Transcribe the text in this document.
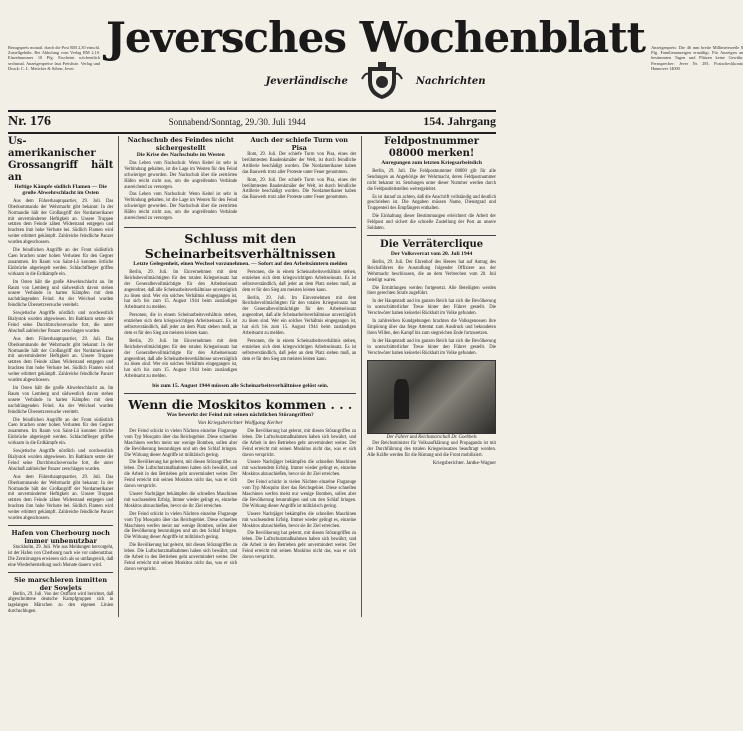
Bezugspreis monatl. durch die Post RM 2,30 einschl. Zustellgebühr. Bei Abholung vom Verlag RM 2,10. Einzelnummer 10 Pfg. Erscheint wöchentlich sechsmal. Anzeigenpreise laut Preisliste. Verlag und Druck: C. L. Mettcker & Söhne, Jever.
Jeversches Wochenblatt
Jeverländische	Nachrichten
Anzeigenpreis: Die 46 mm breite Millimeterzeile 8 Pfg. Familienanzeigen ermäßigt. Für Anzeigen an bestimmten Tagen und Plätzen keine Gewähr. Fernsprecher: Jever Nr. 281. Postscheckkonto Hannover 14000
Nr. 176	Sonnabend/Sonntag, 29./30. Juli 1944	154. Jahrgang
Us-amerikanischer Grossangriff hält an
Heftige Kämpfe südlich Flamen — Die große Abwehrschlacht im Osten

Aus dem Führerhauptquartier, 29. Juli. Das Oberkommando der Wehrmacht gibt bekannt: In der Normandie hält der Großangriff der Nordamerikaner mit unverminderter Heftigkeit an. Unsere Truppen setzten dem Feinde zähen Widerstand entgegen und brachten ihm hohe Verluste bei. Südlich Flamen wird weiter erbittert gekämpft. Zahlreiche feindliche Panzer wurden abgeschossen.

Die feindlichen Angriffe an der Front südöstlich Caen brachen unter hohen Verlusten für den Gegner zusammen. Im Raum von Saint-Lô konnten örtliche Einbrüche abgeriegelt werden. Schlachtflieger griffen wirksam in die Erdkämpfe ein.

Im Osten hält die große Abwehrschlacht an. Im Raum von Lemberg und südwestlich davon stehen unsere Verbände in harten Kämpfen mit dem nachdrängenden Feind. An der Weichsel wurden feindliche Übersetzversuche vereitelt.

Sowjetische Angriffe nördlich und nordwestlich Bialystok wurden abgewiesen. Im Baltikum setzte der Feind seine Durchbruchsversuche fort, die unter Abschuß zahlreicher Panzer zerschlagen wurden.

Aus dem Führerhauptquartier, 29. Juli. Das Oberkommando der Wehrmacht gibt bekannt: In der Normandie hält der Großangriff der Nordamerikaner mit unverminderter Heftigkeit an. Unsere Truppen setzten dem Feinde zähen Widerstand entgegen und brachten ihm hohe Verluste bei. Südlich Flamen wird weiter erbittert gekämpft. Zahlreiche feindliche Panzer wurden abgeschossen.

Im Osten hält die große Abwehrschlacht an. Im Raum von Lemberg und südwestlich davon stehen unsere Verbände in harten Kämpfen mit dem nachdrängenden Feind. An der Weichsel wurden feindliche Übersetzversuche vereitelt.

Die feindlichen Angriffe an der Front südöstlich Caen brachen unter hohen Verlusten für den Gegner zusammen. Im Raum von Saint-Lô konnten örtliche Einbrüche abgeriegelt werden. Schlachtflieger griffen wirksam in die Erdkämpfe ein.

Sowjetische Angriffe nördlich und nordwestlich Bialystok wurden abgewiesen. Im Baltikum setzte der Feind seine Durchbruchsversuche fort, die unter Abschuß zahlreicher Panzer zerschlagen wurden.

Aus dem Führerhauptquartier, 29. Juli. Das Oberkommando der Wehrmacht gibt bekannt: In der Normandie hält der Großangriff der Nordamerikaner mit unverminderter Heftigkeit an. Unsere Truppen setzten dem Feinde zähen Widerstand entgegen und brachten ihm hohe Verluste bei. Südlich Flamen wird weiter erbittert gekämpft. Zahlreiche feindliche Panzer wurden abgeschossen.

Hafen von Cherbourg noch immer unbenutzbar

Stockholm, 29. Juli. Wie aus Meldungen hervorgeht, ist der Hafen von Cherbourg nach wie vor unbenutzbar. Die Zerstörungen erwiesen sich als so umfangreich, daß eine Wiederherstellung noch Monate dauern wird.

Sie marschieren inmitten der Sowjets

Berlin, 29. Juli. Von der Ostfront wird berichtet, daß abgeschnittene deutsche Kampfgruppen sich in tagelangen Märschen zu den eigenen Linien durchschlugen.

Nachschub des Feindes nicht sichergestellt
Die Krise des Nachschubs im Westen

Das Leben vom Nachschub: Wenn Keitel ist sehr in Verbindung gehalten, ist die Lage im Westen für den Feind schwieriger geworden. Der Nachschub über die zerstörten Häfen reicht nicht aus, um die angreifenden Verbände ausreichend zu versorgen.

Das Leben vom Nachschub: Wenn Keitel ist sehr in Verbindung gehalten, ist die Lage im Westen für den Feind schwieriger geworden. Der Nachschub über die zerstörten Häfen reicht nicht aus, um die angreifenden Verbände ausreichend zu versorgen.

Auch der schiefe Turm von Pisa

Rom, 29. Juli. Der schiefe Turm von Pisa, eines der berühmtesten Baudenkmäler der Welt, ist durch feindliche Artillerie beschädigt worden. Die Nordamerikaner haben das Bauwerk trotz aller Proteste unter Feuer genommen.

Rom, 29. Juli. Der schiefe Turm von Pisa, eines der berühmtesten Baudenkmäler der Welt, ist durch feindliche Artillerie beschädigt worden. Die Nordamerikaner haben das Bauwerk trotz aller Proteste unter Feuer genommen.

Schluss mit den Scheinarbeitsverhältnissen
Letzte Gelegenheit, einen Wechsel vorzunehmen. — Sofort auf den Arbeitsämtern melden

Berlin, 29. Juli. Im Einvernehmen mit dem Reichsbevollmächtigten für den totalen Kriegseinsatz hat der Generalbevollmächtigte für den Arbeitseinsatz angeordnet, daß alle Scheinarbeitsverhältnisse unverzüglich zu lösen sind. Wer ein solches Verhältnis eingegangen ist, hat sich bis zum 15. August 1944 beim zuständigen Arbeitsamt zu melden.

Personen, die in einem Scheinarbeitsverhältnis stehen, entziehen sich dem kriegswichtigen Arbeitseinsatz. Es ist selbstverständlich, daß jeder an dem Platz stehen muß, an dem er für den Sieg am meisten leisten kann.

Berlin, 29. Juli. Im Einvernehmen mit dem Reichsbevollmächtigten für den totalen Kriegseinsatz hat der Generalbevollmächtigte für den Arbeitseinsatz angeordnet, daß alle Scheinarbeitsverhältnisse unverzüglich zu lösen sind. Wer ein solches Verhältnis eingegangen ist, hat sich bis zum 15. August 1944 beim zuständigen Arbeitsamt zu melden.

Personen, die in einem Scheinarbeitsverhältnis stehen, entziehen sich dem kriegswichtigen Arbeitseinsatz. Es ist selbstverständlich, daß jeder an dem Platz stehen muß, an dem er für den Sieg am meisten leisten kann.

Berlin, 29. Juli. Im Einvernehmen mit dem Reichsbevollmächtigten für den totalen Kriegseinsatz hat der Generalbevollmächtigte für den Arbeitseinsatz angeordnet, daß alle Scheinarbeitsverhältnisse unverzüglich zu lösen sind. Wer ein solches Verhältnis eingegangen ist, hat sich bis zum 15. August 1944 beim zuständigen Arbeitsamt zu melden.

Personen, die in einem Scheinarbeitsverhältnis stehen, entziehen sich dem kriegswichtigen Arbeitseinsatz. Es ist selbstverständlich, daß jeder an dem Platz stehen muß, an dem er für den Sieg am meisten leisten kann.

bis zum 15. August 1944 müssen alle Scheinarbeitsverhältnisse gelöst sein.
Wenn die Moskitos kommen . . .
Was bewerkt der Feind mit seinen nächtlichen Störangriffen?
Von Kriegsberichter Wolfgang Kerber

Der Feind schickt in vielen Nächten einzelne Flugzeuge vom Typ Mosquito über das Reichsgebiet. Diese schnellen Maschinen werfen meist nur wenige Bomben, sollen aber die Bevölkerung beunruhigen und um den Schlaf bringen. Die Wirkung dieser Angriffe ist militärisch gering.

Die Bevölkerung hat gelernt, mit diesen Störangriffen zu leben. Die Luftschutzmaßnahmen haben sich bewährt, und die Arbeit in den Betrieben geht unvermindert weiter. Der Feind erreicht mit seinen Moskitos nicht das, was er sich davon verspricht.

Unsere Nachtjäger bekämpfen die schnellen Maschinen mit wachsendem Erfolg. Immer wieder gelingt es, einzelne Moskitos abzuschießen, bevor sie ihr Ziel erreichen.

Der Feind schickt in vielen Nächten einzelne Flugzeuge vom Typ Mosquito über das Reichsgebiet. Diese schnellen Maschinen werfen meist nur wenige Bomben, sollen aber die Bevölkerung beunruhigen und um den Schlaf bringen. Die Wirkung dieser Angriffe ist militärisch gering.

Die Bevölkerung hat gelernt, mit diesen Störangriffen zu leben. Die Luftschutzmaßnahmen haben sich bewährt, und die Arbeit in den Betrieben geht unvermindert weiter. Der Feind erreicht mit seinen Moskitos nicht das, was er sich davon verspricht.

Die Bevölkerung hat gelernt, mit diesen Störangriffen zu leben. Die Luftschutzmaßnahmen haben sich bewährt, und die Arbeit in den Betrieben geht unvermindert weiter. Der Feind erreicht mit seinen Moskitos nicht das, was er sich davon verspricht.

Unsere Nachtjäger bekämpfen die schnellen Maschinen mit wachsendem Erfolg. Immer wieder gelingt es, einzelne Moskitos abzuschießen, bevor sie ihr Ziel erreichen.

Der Feind schickt in vielen Nächten einzelne Flugzeuge vom Typ Mosquito über das Reichsgebiet. Diese schnellen Maschinen werfen meist nur wenige Bomben, sollen aber die Bevölkerung beunruhigen und um den Schlaf bringen. Die Wirkung dieser Angriffe ist militärisch gering.

Unsere Nachtjäger bekämpfen die schnellen Maschinen mit wachsendem Erfolg. Immer wieder gelingt es, einzelne Moskitos abzuschießen, bevor sie ihr Ziel erreichen.

Die Bevölkerung hat gelernt, mit diesen Störangriffen zu leben. Die Luftschutzmaßnahmen haben sich bewährt, und die Arbeit in den Betrieben geht unvermindert weiter. Der Feind erreicht mit seinen Moskitos nicht das, was er sich davon verspricht.

Feldpostnummer 08000 merken!
Anregungen zum letzten Kriegsarbeitslich

Berlin, 29. Juli. Die Feldpostnummer 08000 gilt für alle Sendungen an Angehörige der Wehrmacht, deren Feldpostnummer nicht bekannt ist. Sendungen unter dieser Nummer werden durch die Feldpostleitstellen weitergeleitet.

Es ist darauf zu achten, daß die Anschrift vollständig und deutlich geschrieben ist. Die Angaben müssen Name, Dienstgrad und Truppenteil des Empfängers enthalten.

Die Einhaltung dieser Bestimmungen erleichtert die Arbeit der Feldpost und sichert die schnelle Zustellung der Post an unsere Soldaten.

Die Verräterclique
Der Volksverrat vom 20. Juli 1944

Berlin, 29. Juli. Der Ehrenhof des Heeres hat auf Antrag des Reichsführers die Ausstoßung folgender Offiziere aus der Wehrmacht beschlossen, die an dem Verbrechen vom 20. Juli beteiligt waren.

Die Ermittlungen werden fortgesetzt. Alle Beteiligten werden ihrer gerechten Strafe zugeführt.

In der Hauptstadt und im ganzen Reich hat sich die Bevölkerung in unerschütterlicher Treue hinter den Führer gestellt. Die Verschwörer haben keinerlei Rückhalt im Volke gefunden.

In zahlreichen Kundgebungen brachten die Volksgenossen ihre Empörung über das feige Attentat zum Ausdruck und bekundeten ihren Willen, den Kampf bis zum siegreichen Ende fortzusetzen.

In der Hauptstadt und im ganzen Reich hat sich die Bevölkerung in unerschütterlicher Treue hinter den Führer gestellt. Die Verschwörer haben keinerlei Rückhalt im Volke gefunden.

Der Führer und Reichsmarschall Dr. Goebbels

Der Reichsminister für Volksaufklärung und Propaganda ist mit der Durchführung des totalen Kriegseinsatzes beauftragt worden. Alle Kräfte werden für die Rüstung und die Front mobilisiert.

Kriegsberichter. Jantke-Wagner
